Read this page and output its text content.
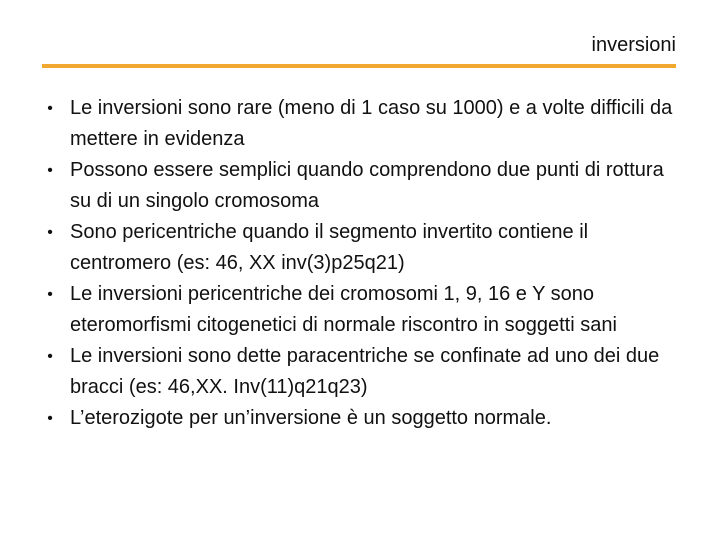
inversioni
• Le inversioni sono rare (meno di 1 caso su 1000) e a volte difficili da mettere in evidenza
• Possono essere semplici quando comprendono due punti di rottura su di un singolo cromosoma
• Sono pericentriche quando il segmento invertito contiene il centromero (es: 46, XX inv(3)p25q21)
• Le inversioni pericentriche dei cromosomi 1, 9, 16 e Y sono eteromorfismi citogenetici di normale riscontro in soggetti sani
• Le inversioni sono dette paracentriche se confinate ad uno dei due bracci (es: 46,XX. Inv(11)q21q23)
• L’eterozigote per un’inversione è un soggetto normale.
